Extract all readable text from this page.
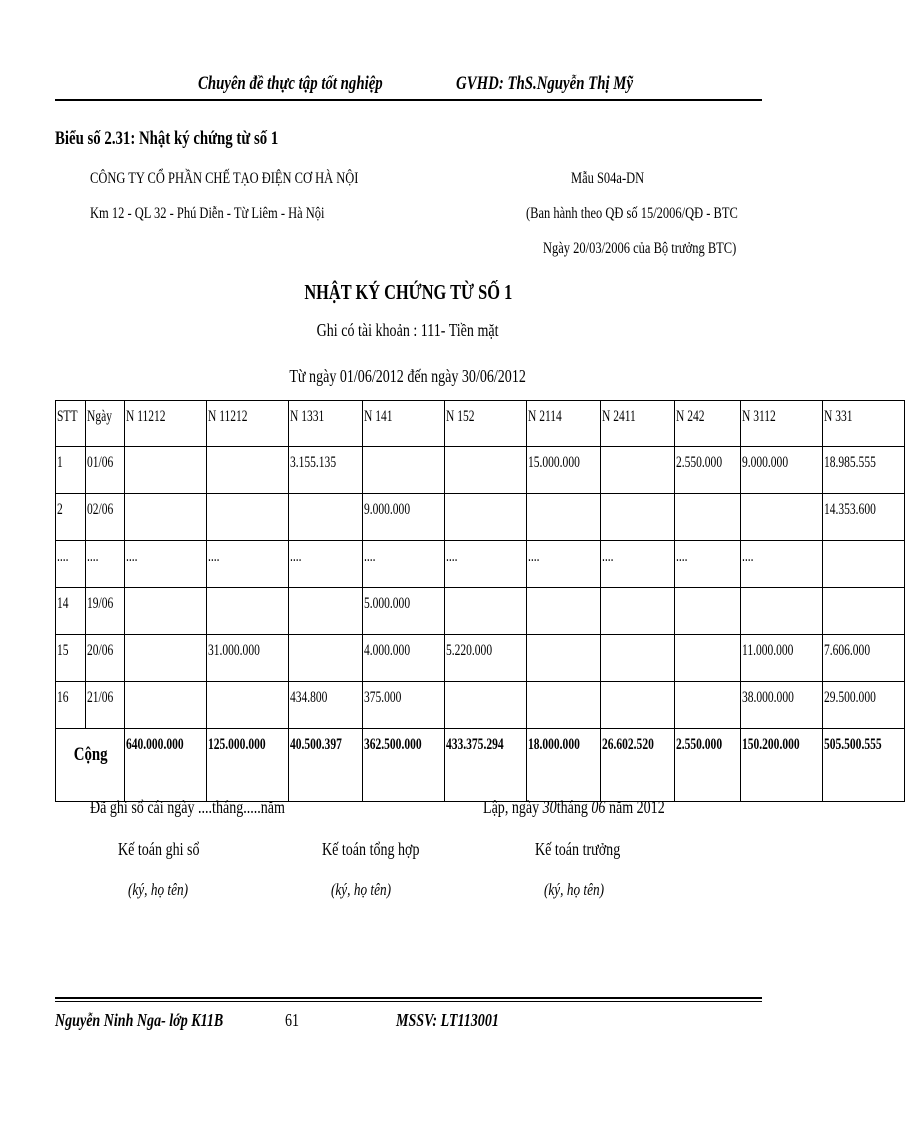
Chuyên đề thực tập tốt nghiệp	GVHD: ThS.Nguyễn Thị Mỹ
Biểu số 2.31: Nhật ký chứng từ số 1
CÔNG TY CỔ PHẦN CHẾ TẠO ĐIỆN CƠ HÀ NỘI
Km 12 - QL 32 - Phú Diễn - Từ Liêm - Hà Nội
Mẫu S04a-DN
(Ban hành theo QĐ số 15/2006/QĐ - BTC
Ngày 20/03/2006 của Bộ trưởng BTC)
NHẬT KÝ CHỨNG TỪ SỐ 1
Ghi có tài khoản : 111- Tiền mặt
Từ ngày 01/06/2012 đến ngày 30/06/2012
STT	Ngày	N 11212	N 11212	N 1331	N 141	N 152	N 2114	N 2411	N 242	N 3112	N 331
1	01/06			3.155.135			15.000.000		2.550.000	9.000.000	18.985.555
2	02/06				9.000.000						14.353.600
....	....	....	....	....	....	....	....	....	....	....	
14	19/06				5.000.000						
15	20/06		31.000.000		4.000.000	5.220.000				11.000.000	7.606.000
16	21/06			434.800	375.000					38.000.000	29.500.000
Cộng		640.000.000	125.000.000	40.500.397	362.500.000	433.375.294	18.000.000	26.602.520	2.550.000	150.200.000	505.500.555
Đã ghi sổ cái ngày ....tháng.....năm	Lập, ngày 30tháng 06 năm 2012
Kế toán ghi sổ	Kế toán tổng hợp	Kế toán trưởng
(ký, họ tên)	(ký, họ tên)	(ký, họ tên)
Nguyễn Ninh Nga- lớp K11B	61	MSSV: LT113001
